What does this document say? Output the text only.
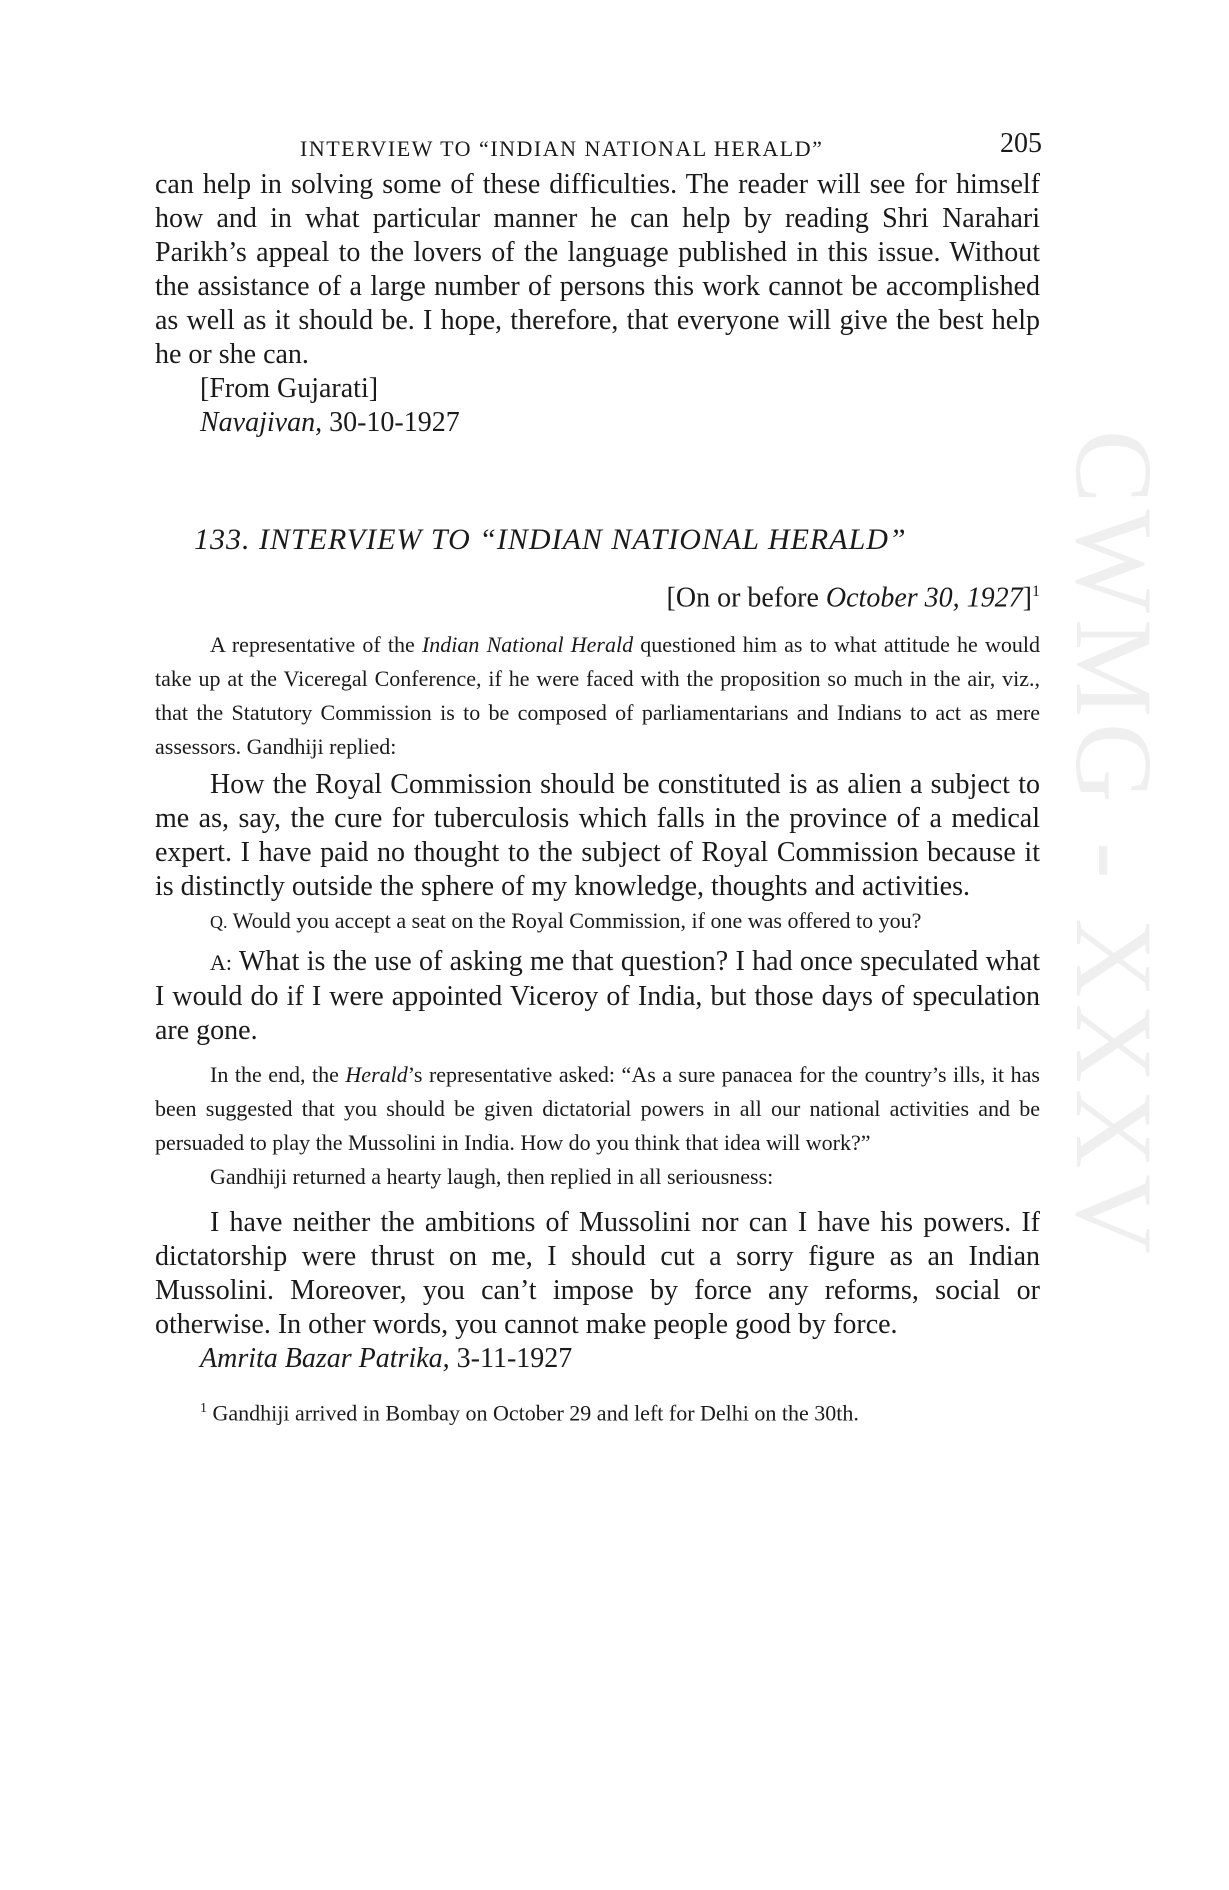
CWMG - XXXV
INTERVIEW TO “INDIAN NATIONAL HERALD”	205

can help in solving some of these difficulties. The reader will see for himself how and in what particular manner he can help by reading Shri Narahari Parikh’s appeal to the lovers of the language published in this issue. Without the assistance of a large number of persons this work cannot be accomplished as well as it should be. I hope, therefore, that everyone will give the best help he or she can.

[From Gujarati]

Navajivan, 30-10-1927

133. INTERVIEW TO “INDIAN NATIONAL HERALD”
[On or before October 30, 1927]$^1$

A representative of the Indian National Herald questioned him as to what attitude he would take up at the Viceregal Conference, if he were faced with the proposition so much in the air, viz., that the Statutory Commission is to be composed of parliamentarians and Indians to act as mere assessors. Gandhiji replied:

How the Royal Commission should be constituted is as alien a subject to me as, say, the cure for tuberculosis which falls in the province of a medical expert. I have paid no thought to the subject of Royal Commission because it is distinctly outside the sphere of my knowledge, thoughts and activities.

Q. Would you accept a seat on the Royal Commission, if one was offered to you?

A: What is the use of asking me that question? I had once speculated what I would do if I were appointed Viceroy of India, but those days of speculation are gone.

In the end, the Herald’s representative asked: “As a sure panacea for the country’s ills, it has been suggested that you should be given dictatorial powers in all our national activities and be persuaded to play the Mussolini in India. How do you think that idea will work?”

Gandhiji returned a hearty laugh, then replied in all seriousness:

I have neither the ambitions of Mussolini nor can I have his powers. If dictatorship were thrust on me, I should cut a sorry figure as an Indian Mussolini. Moreover, you can’t impose by force any reforms, social or otherwise. In other words, you cannot make people good by force.

Amrita Bazar Patrika, 3-11-1927

$^1$ Gandhiji arrived in Bombay on October 29 and left for Delhi on the 30th.
